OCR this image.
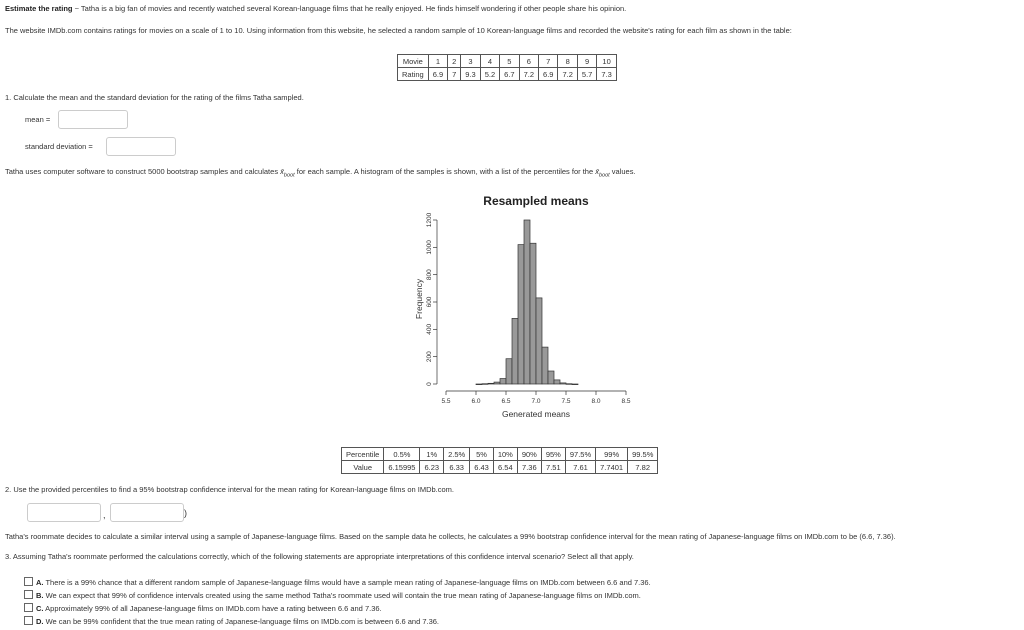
Estimate the rating ~ Tatha is a big fan of movies and recently watched several Korean-language films that he really enjoyed. He finds himself wondering if other people share his opinion.
The website IMDb.com contains ratings for movies on a scale of 1 to 10. Using information from this website, he selected a random sample of 10 Korean-language films and recorded the website's rating for each film as shown in the table:
Movie	1	2	3	4	5	6	7	8	9	10
Rating	6.9	7	9.3	5.2	6.7	7.2	6.9	7.2	5.7	7.3
1. Calculate the mean and the standard deviation for the rating of the films Tatha sampled.
mean =
standard deviation =
Tatha uses computer software to construct 5000 bootstrap samples and calculates $x̄_{boot}$ for each sample. A histogram of the samples is shown, with a list of the percentiles for the $x̄_{boot}$ values.
Resampled means
Generated means
Frequency
0
200
400
600
800
1000
1200
5.5	6.0	6.5	7.0	7.5	8.0	8.5
Percentile	0.5%	1%	2.5%	5%	10%	90%	95%	97.5%	99%	99.5%
Value	6.15995	6.23	6.33	6.43	6.54	7.36	7.51	7.61	7.7401	7.82
2. Use the provided percentiles to find a 95% bootstrap confidence interval for the mean rating for Korean-language films on IMDb.com.
,	)
Tatha's roommate decides to calculate a similar interval using a sample of Japanese-language films. Based on the sample data he collects, he calculates a 99% bootstrap confidence interval for the mean rating of Japanese-language films on IMDb.com to be (6.6, 7.36).
3. Assuming Tatha's roommate performed the calculations correctly, which of the following statements are appropriate interpretations of this confidence interval scenario? Select all that apply.
A. There is a 99% chance that a different random sample of Japanese-language films would have a sample mean rating of Japanese-language films on IMDb.com between 6.6 and 7.36.
B. We can expect that 99% of confidence intervals created using the same method Tatha's roommate used will contain the true mean rating of Japanese-language films on IMDb.com.
C. Approximately 99% of all Japanese-language films on IMDb.com have a rating between 6.6 and 7.36.
D. We can be 99% confident that the true mean rating of Japanese-language films on IMDb.com is between 6.6 and 7.36.
